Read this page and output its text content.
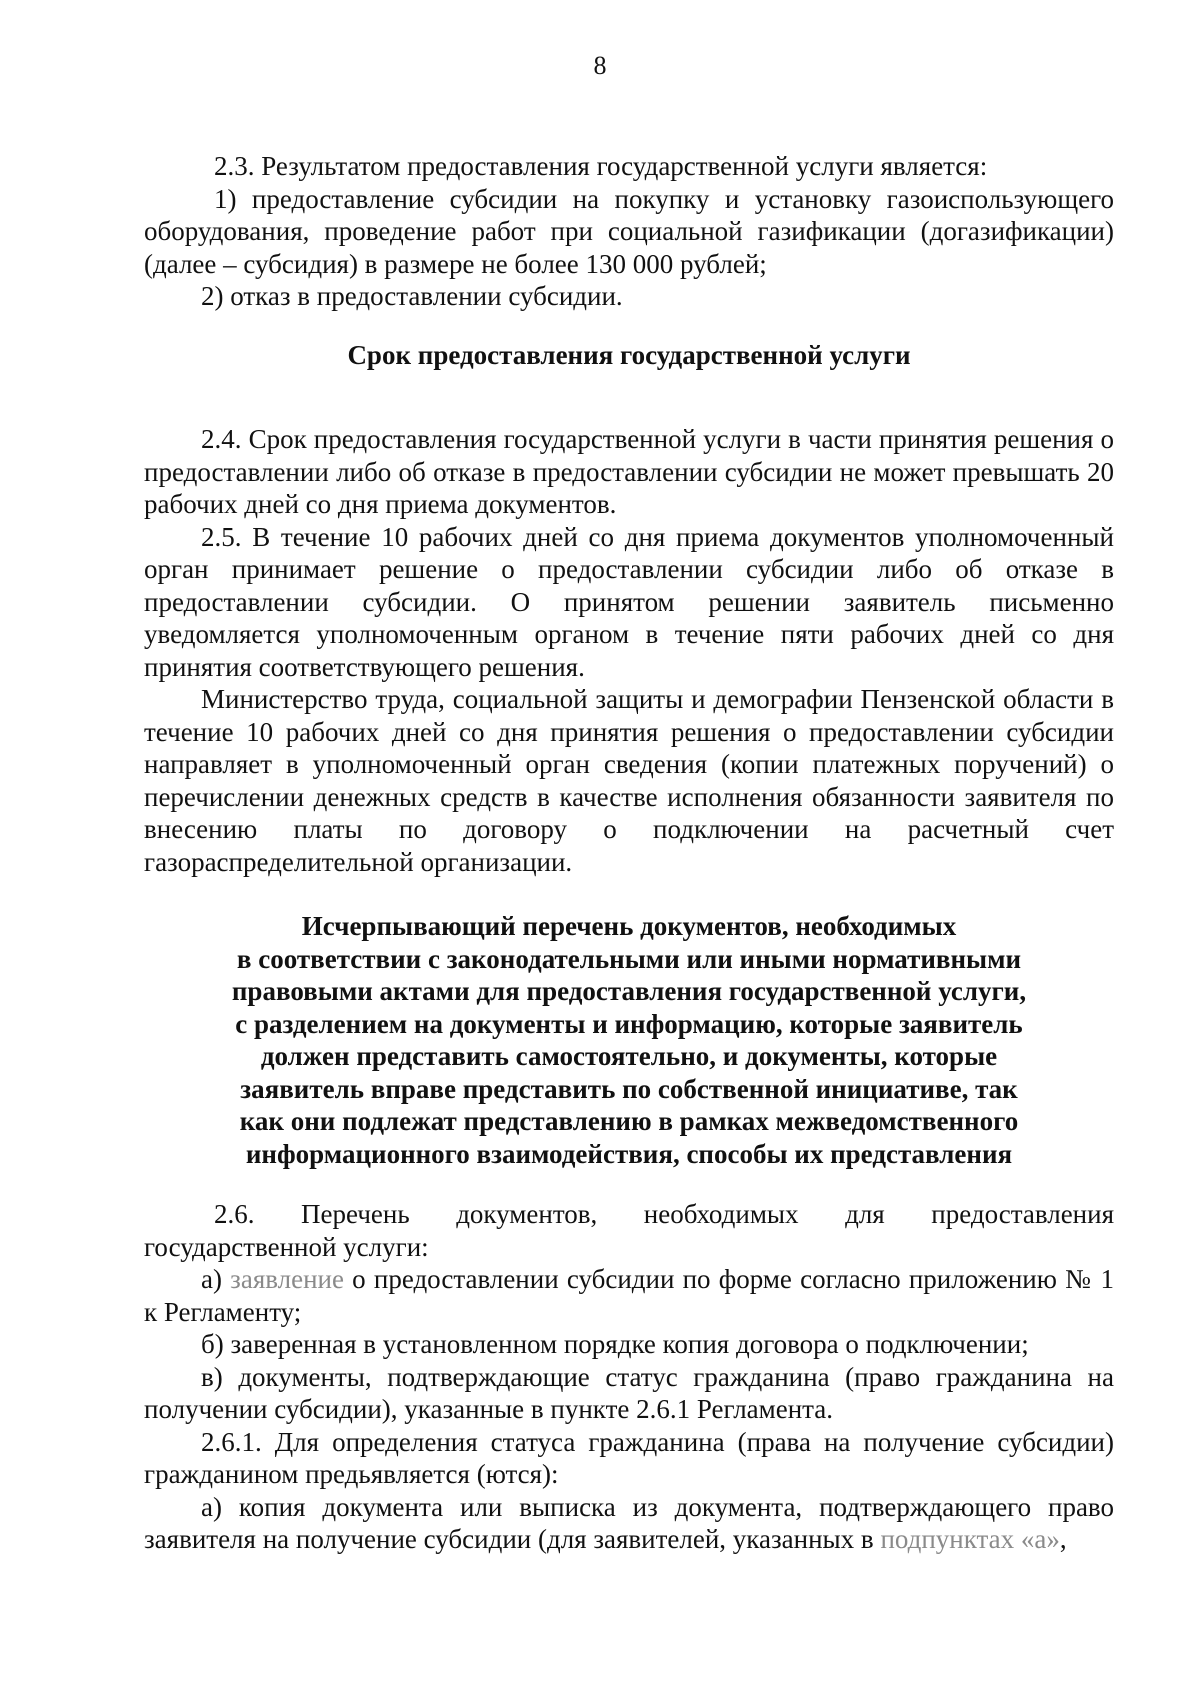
8

2.3. Результатом предоставления государственной услуги является:

1) предоставление субсидии на покупку и установку газоиспользующего оборудования, проведение работ при социальной газификации (догазификации) (далее – субсидия) в размере не более 130 000 рублей;

2) отказ в предоставлении субсидии.

Срок предоставления государственной услуги

2.4. Срок предоставления государственной услуги в части принятия решения о предоставлении либо об отказе в предоставлении субсидии не может превышать 20 рабочих дней со дня приема документов.

2.5. В течение 10 рабочих дней со дня приема документов уполномоченный орган принимает решение о предоставлении субсидии либо об отказе в предоставлении субсидии. О принятом решении заявитель письменно уведомляется уполномоченным органом в течение пяти рабочих дней со дня принятия соответствующего решения.

Министерство труда, социальной защиты и демографии Пензенской области в течение 10 рабочих дней со дня принятия решения о предоставлении субсидии направляет в уполномоченный орган сведения (копии платежных поручений) о перечислении денежных средств в качестве исполнения обязанности заявителя по внесению платы по договору о подключении на расчетный счет газораспределительной организации.

Исчерпывающий перечень документов, необходимых
в соответствии с законодательными или иными нормативными
правовыми актами для предоставления государственной услуги,
с разделением на документы и информацию, которые заявитель
должен представить самостоятельно, и документы, которые
заявитель вправе представить по собственной инициативе, так
как они подлежат представлению в рамках межведомственного
информационного взаимодействия, способы их представления

2.6. Перечень документов, необходимых для предоставления государственной услуги:

а) заявление о предоставлении субсидии по форме согласно приложению № 1 к Регламенту;

б) заверенная в установленном порядке копия договора о подключении;

в) документы, подтверждающие статус гражданина (право гражданина на получении субсидии), указанные в пункте 2.6.1 Регламента.

2.6.1. Для определения статуса гражданина (права на получение субсидии) гражданином предьявляется (ются):

а) копия документа или выписка из документа, подтверждающего право заявителя на получение субсидии (для заявителей, указанных в подпунктах «а»,
